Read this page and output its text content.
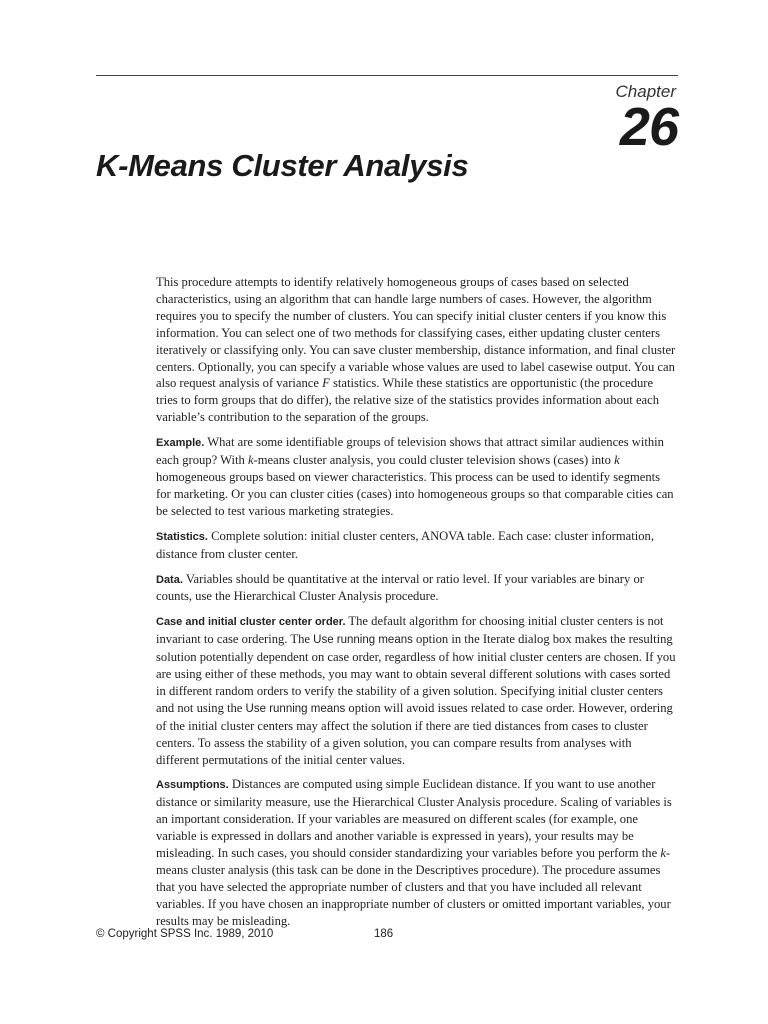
Chapter
26
K-Means Cluster Analysis

This procedure attempts to identify relatively homogeneous groups of cases based on selected characteristics, using an algorithm that can handle large numbers of cases. However, the algorithm requires you to specify the number of clusters. You can specify initial cluster centers if you know this information. You can select one of two methods for classifying cases, either updating cluster centers iteratively or classifying only. You can save cluster membership, distance information, and final cluster centers. Optionally, you can specify a variable whose values are used to label casewise output. You can also request analysis of variance F statistics. While these statistics are opportunistic (the procedure tries to form groups that do differ), the relative size of the statistics provides information about each variable’s contribution to the separation of the groups.

Example. What are some identifiable groups of television shows that attract similar audiences within each group? With k-means cluster analysis, you could cluster television shows (cases) into k homogeneous groups based on viewer characteristics. This process can be used to identify segments for marketing. Or you can cluster cities (cases) into homogeneous groups so that comparable cities can be selected to test various marketing strategies.

Statistics. Complete solution: initial cluster centers, ANOVA table. Each case: cluster information, distance from cluster center.

Data. Variables should be quantitative at the interval or ratio level. If your variables are binary or counts, use the Hierarchical Cluster Analysis procedure.

Case and initial cluster center order. The default algorithm for choosing initial cluster centers is not invariant to case ordering. The Use running means option in the Iterate dialog box makes the resulting solution potentially dependent on case order, regardless of how initial cluster centers are chosen. If you are using either of these methods, you may want to obtain several different solutions with cases sorted in different random orders to verify the stability of a given solution. Specifying initial cluster centers and not using the Use running means option will avoid issues related to case order. However, ordering of the initial cluster centers may affect the solution if there are tied distances from cases to cluster centers. To assess the stability of a given solution, you can compare results from analyses with different permutations of the initial center values.

Assumptions. Distances are computed using simple Euclidean distance. If you want to use another distance or similarity measure, use the Hierarchical Cluster Analysis procedure. Scaling of variables is an important consideration. If your variables are measured on different scales (for example, one variable is expressed in dollars and another variable is expressed in years), your results may be misleading. In such cases, you should consider standardizing your variables before you perform the k-means cluster analysis (this task can be done in the Descriptives procedure). The procedure assumes that you have selected the appropriate number of clusters and that you have included all relevant variables. If you have chosen an inappropriate number of clusters or omitted important variables, your results may be misleading.

© Copyright SPSS Inc. 1989, 2010	186
